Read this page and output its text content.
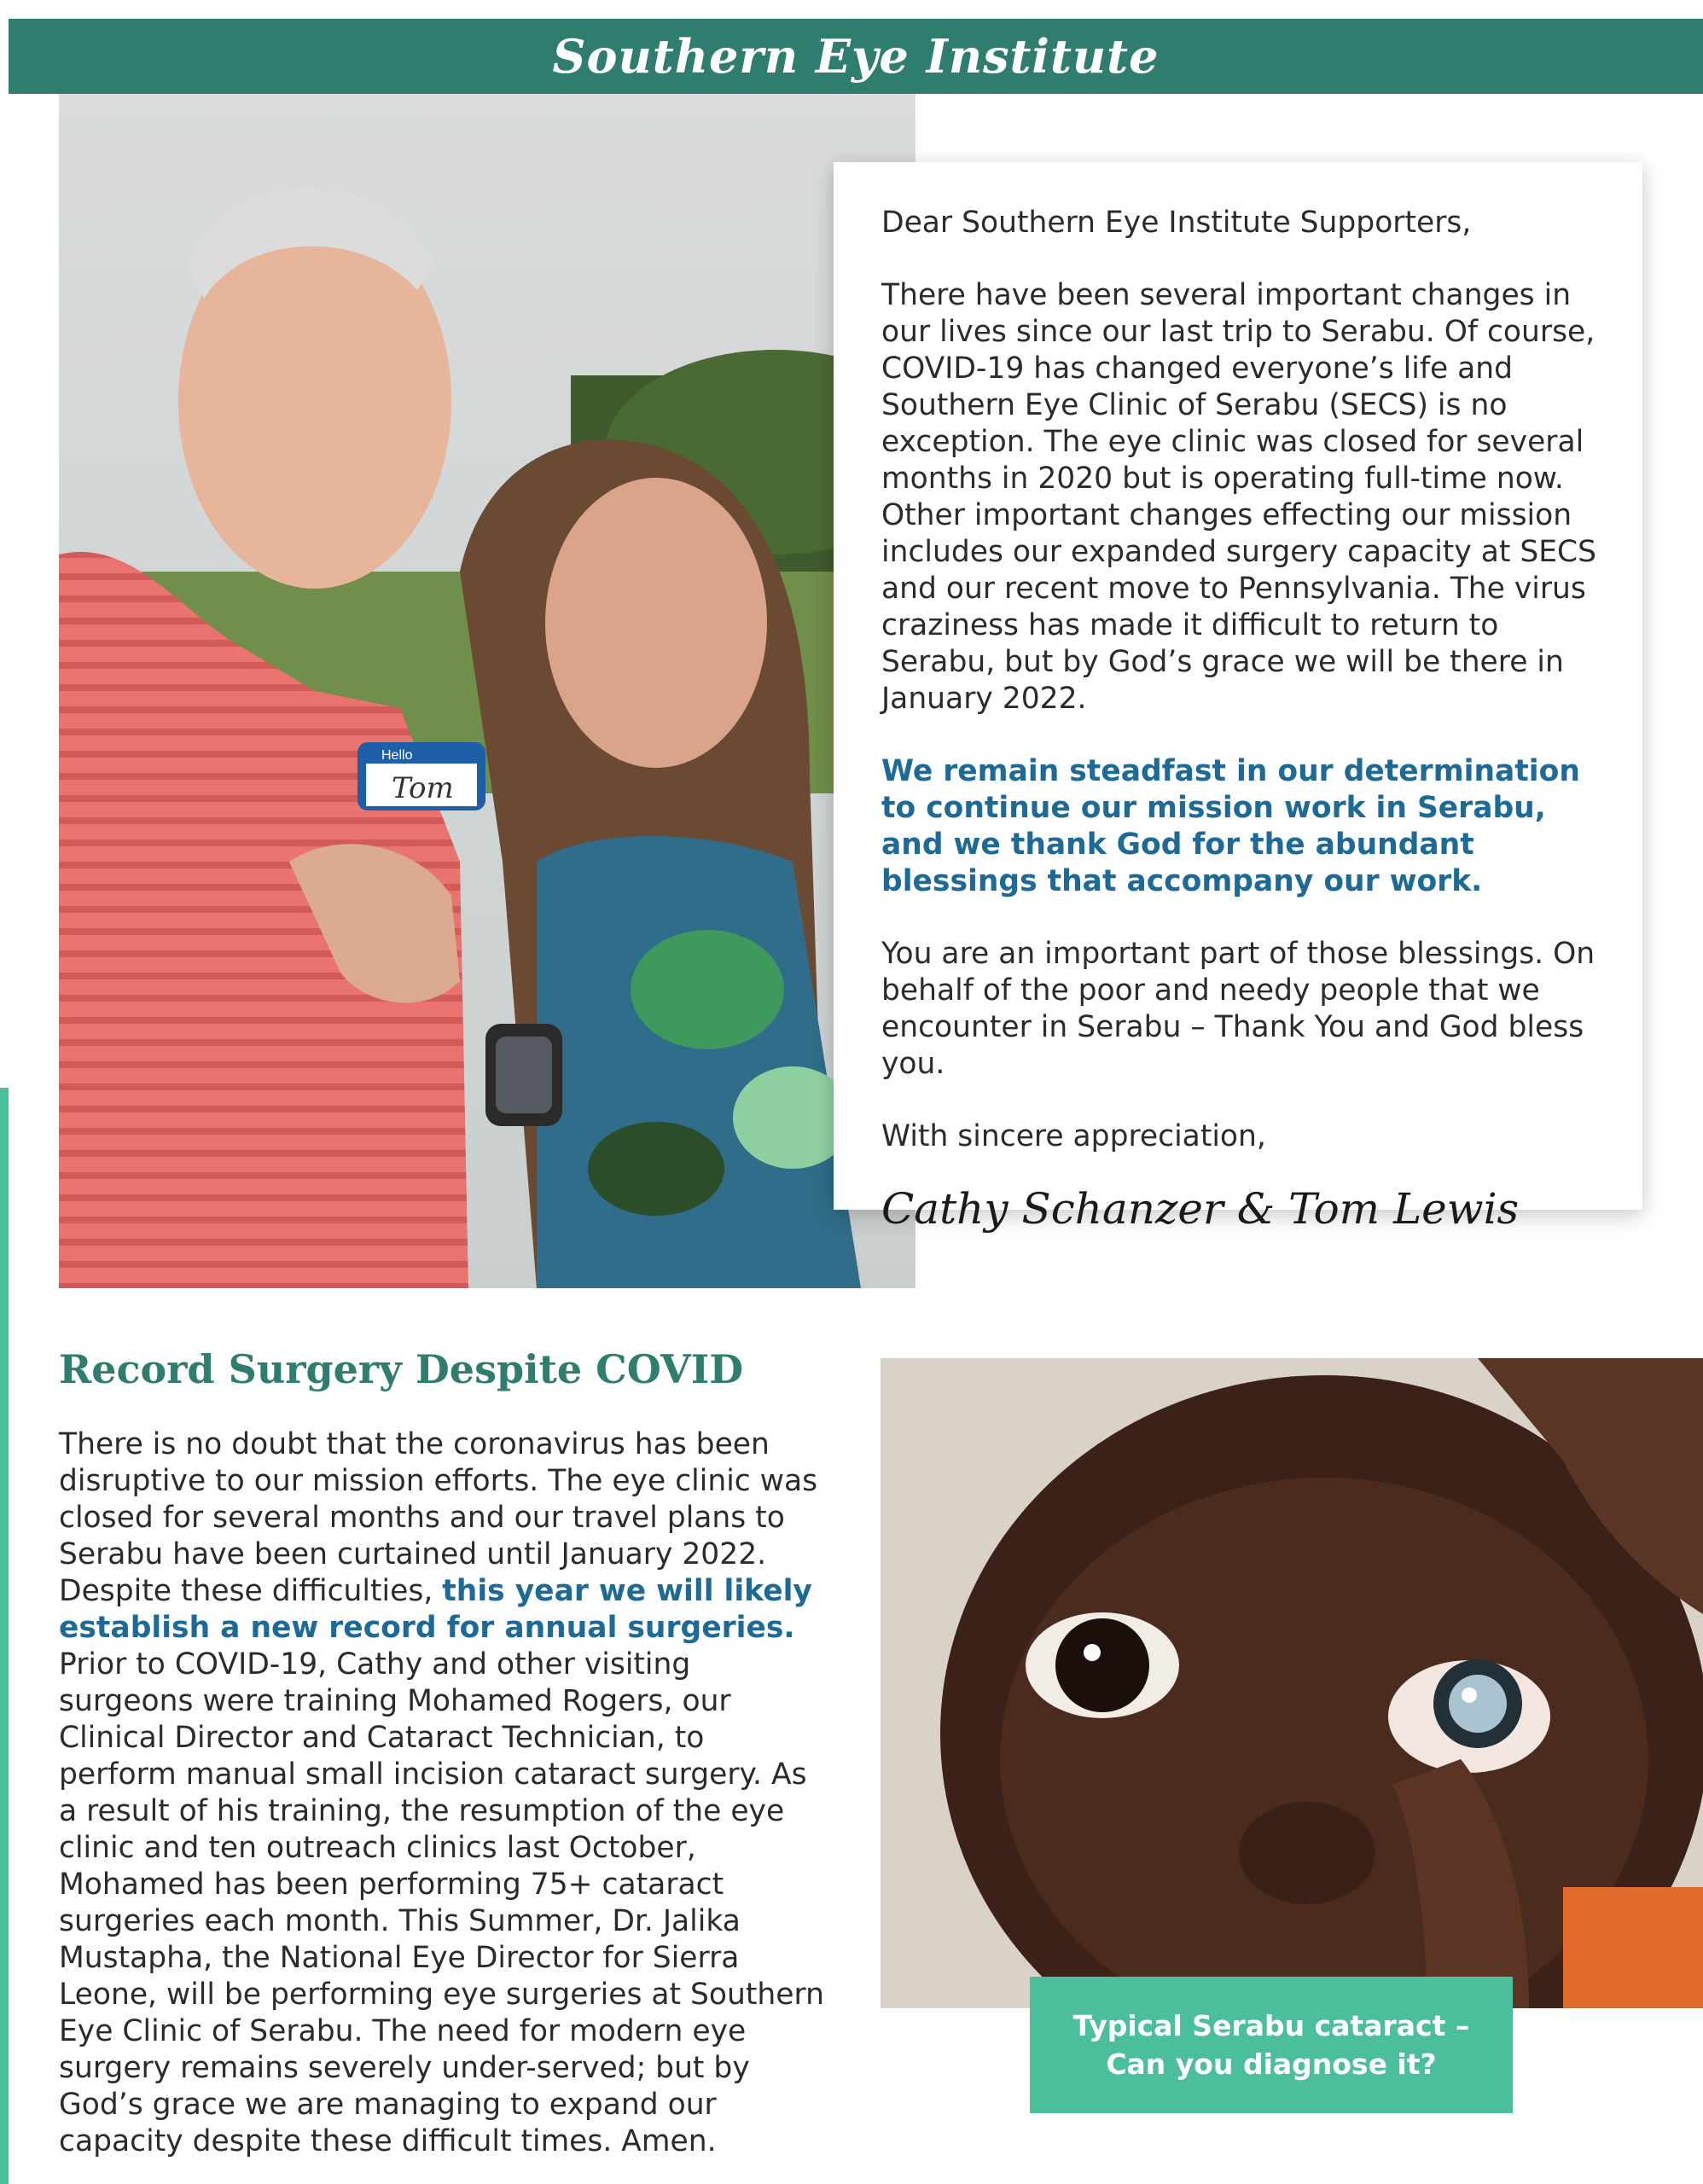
Southern Eye Institute
Hello
Tom

Dear Southern Eye Institute Supporters,

There have been several important changes in our lives since our last trip to Serabu. Of course, COVID-19 has changed everyone’s life and Southern Eye Clinic of Serabu (SECS) is no exception. The eye clinic was closed for several months in 2020 but is operating full-time now. Other important changes effecting our mission includes our expanded surgery capacity at SECS and our recent move to Pennsylvania. The virus craziness has made it difficult to return to Serabu, but by God’s grace we will be there in January 2022.

We remain steadfast in our determination to continue our mission work in Serabu, and we thank God for the abundant blessings that accompany our work.

You are an important part of those blessings. On behalf of the poor and needy people that we encounter in Serabu – Thank You and God bless you.

With sincere appreciation,

Cathy Schanzer & Tom Lewis
Record Surgery Despite COVID
There is no doubt that the coronavirus has been disruptive to our mission efforts. The eye clinic was closed for several months and our travel plans to Serabu have been curtained until January 2022. Despite these difficulties, this year we will likely establish a new record for annual surgeries. Prior to COVID-19, Cathy and other visiting surgeons were training Mohamed Rogers, our Clinical Director and Cataract Technician, to perform manual small incision cataract surgery. As a result of his training, the resumption of the eye clinic and ten outreach clinics last October, Mohamed has been performing 75+ cataract surgeries each month. This Summer, Dr. Jalika Mustapha, the National Eye Director for Sierra Leone, will be performing eye surgeries at Southern Eye Clinic of Serabu. The need for modern eye surgery remains severely under-served; but by God’s grace we are managing to expand our capacity despite these difficult times. Amen.
Typical Serabu cataract –
Can you diagnose it?
